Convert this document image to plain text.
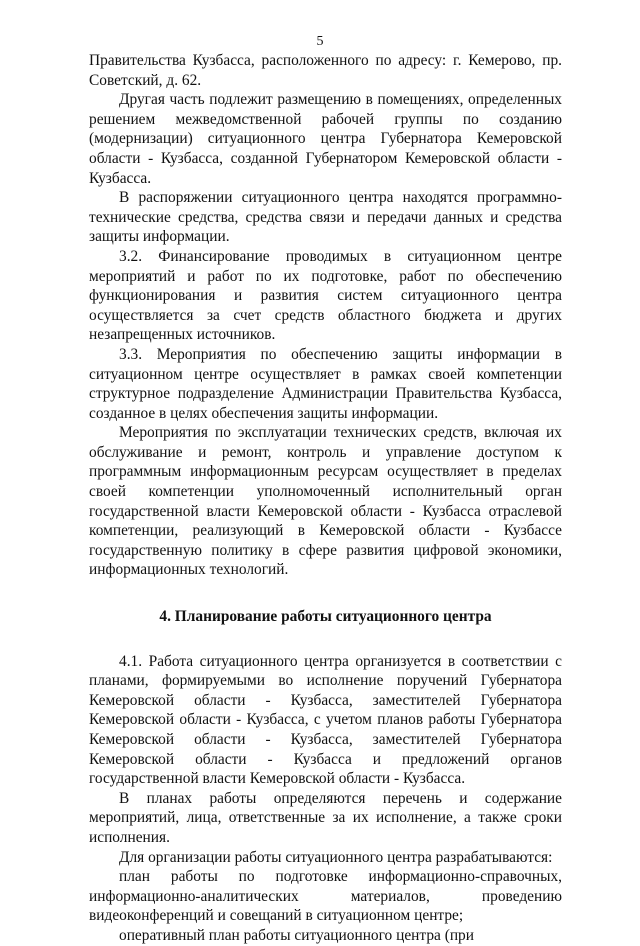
5

Правительства Кузбасса, расположенного по адресу: г. Кемерово, пр. Советский, д. 62.

Другая часть подлежит размещению в помещениях, определенных решением межведомственной рабочей группы по созданию (модернизации) ситуационного центра Губернатора Кемеровской области - Кузбасса, созданной Губернатором Кемеровской области - Кузбасса.

В распоряжении ситуационного центра находятся программно-технические средства, средства связи и передачи данных и средства защиты информации.

3.2. Финансирование проводимых в ситуационном центре мероприятий и работ по их подготовке, работ по обеспечению функционирования и развития систем ситуационного центра осуществляется за счет средств областного бюджета и других незапрещенных источников.

3.3. Мероприятия по обеспечению защиты информации в ситуационном центре осуществляет в рамках своей компетенции структурное подразделение Администрации Правительства Кузбасса, созданное в целях обеспечения защиты информации.

Мероприятия по эксплуатации технических средств, включая их обслуживание и ремонт, контроль и управление доступом к программным информационным ресурсам осуществляет в пределах своей компетенции уполномоченный исполнительный орган государственной власти Кемеровской области - Кузбасса отраслевой компетенции, реализующий в Кемеровской области - Кузбассе государственную политику в сфере развития цифровой экономики, информационных технологий.

4. Планирование работы ситуационного центра

4.1. Работа ситуационного центра организуется в соответствии с планами, формируемыми во исполнение поручений Губернатора Кемеровской области - Кузбасса, заместителей Губернатора Кемеровской области - Кузбасса, с учетом планов работы Губернатора Кемеровской области - Кузбасса, заместителей Губернатора Кемеровской области - Кузбасса и предложений органов государственной власти Кемеровской области - Кузбасса.

В планах работы определяются перечень и содержание мероприятий, лица, ответственные за их исполнение, а также сроки исполнения.

Для организации работы ситуационного центра разрабатываются:

план работы по подготовке информационно-справочных, информационно-аналитических материалов, проведению видеоконференций и совещаний в ситуационном центре;

оперативный план работы ситуационного центра (при
